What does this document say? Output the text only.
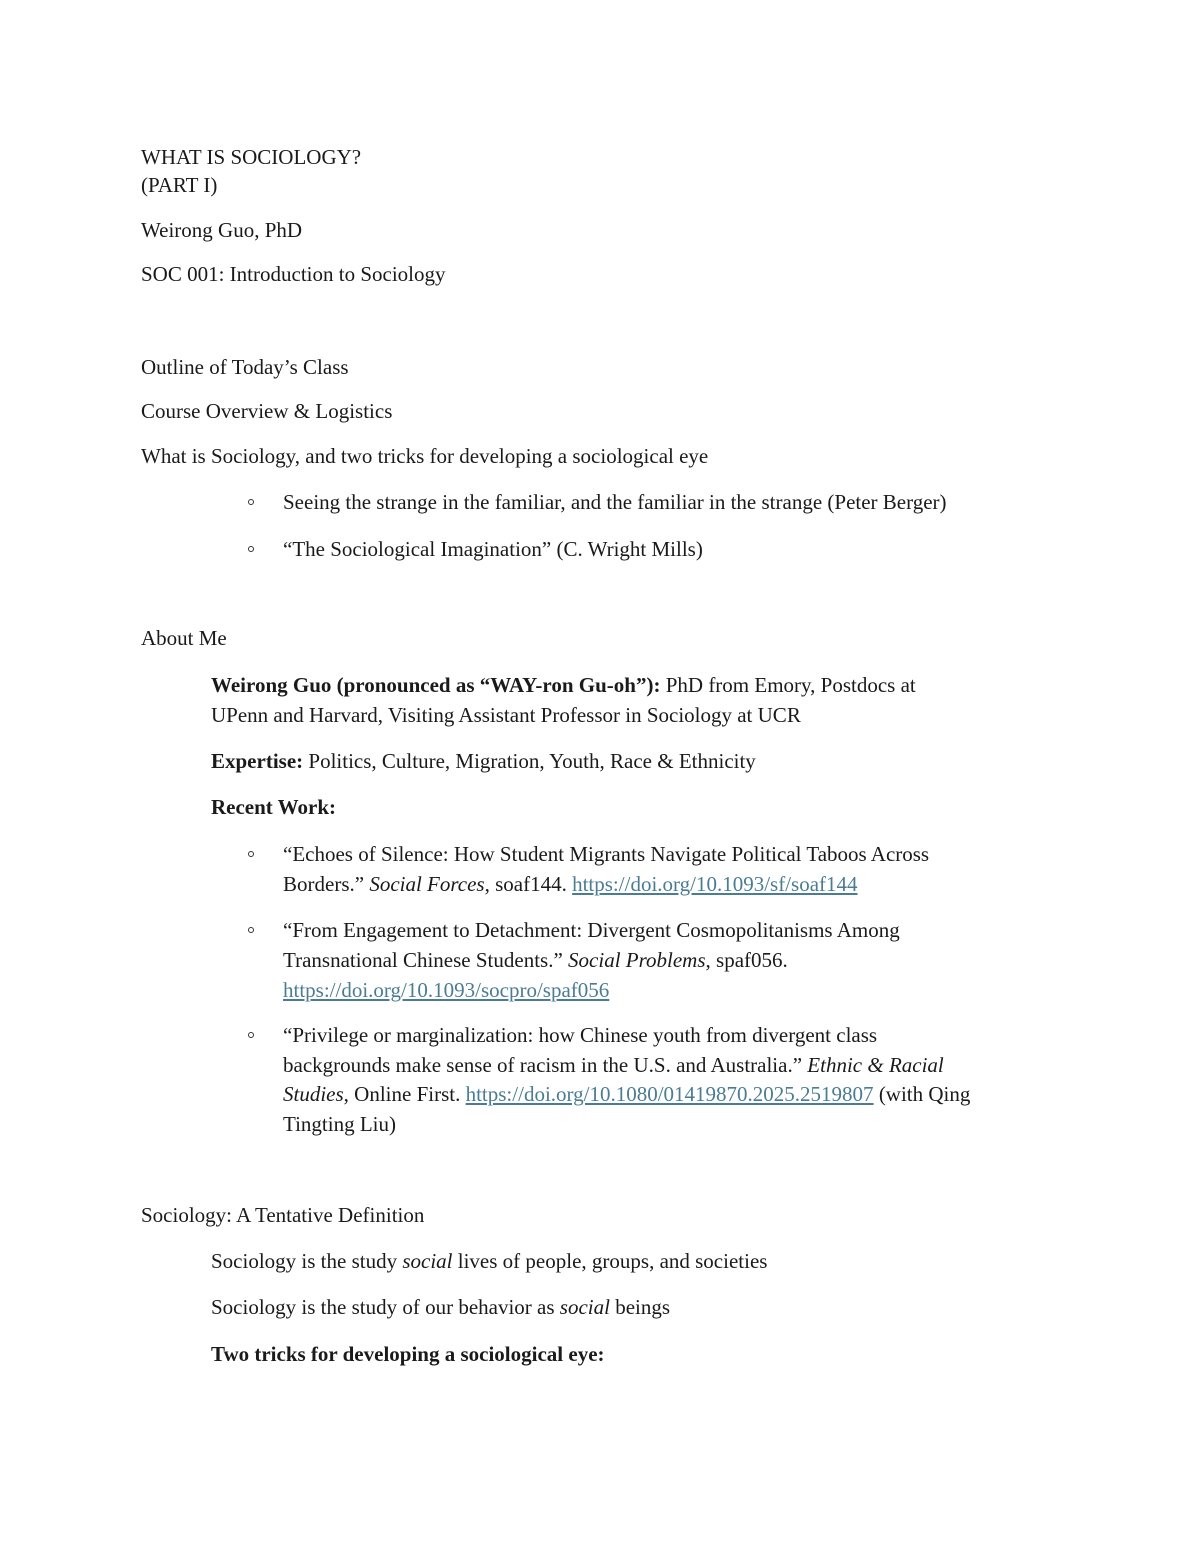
WHAT IS SOCIOLOGY?

(PART I)

Weirong Guo, PhD

SOC 001: Introduction to Sociology

Outline of Today’s Class

Course Overview & Logistics

What is Sociology, and two tricks for developing a sociological eye

Seeing the strange in the familiar, and the familiar in the strange (Peter Berger)

“The Sociological Imagination” (C. Wright Mills)

About Me

Weirong Guo (pronounced as “WAY-ron Gu-oh”): PhD from Emory, Postdocs at

UPenn and Harvard, Visiting Assistant Professor in Sociology at UCR

Expertise: Politics, Culture, Migration, Youth, Race & Ethnicity

Recent Work:

“Echoes of Silence: How Student Migrants Navigate Political Taboos Across

Borders.” Social Forces, soaf144. https://doi.org/10.1093/sf/soaf144

“From Engagement to Detachment: Divergent Cosmopolitanisms Among

Transnational Chinese Students.” Social Problems, spaf056.

https://doi.org/10.1093/socpro/spaf056

“Privilege or marginalization: how Chinese youth from divergent class

backgrounds make sense of racism in the U.S. and Australia.” Ethnic & Racial

Studies, Online First. https://doi.org/10.1080/01419870.2025.2519807 (with Qing

Tingting Liu)

Sociology: A Tentative Definition

Sociology is the study social lives of people, groups, and societies

Sociology is the study of our behavior as social beings

Two tricks for developing a sociological eye:
